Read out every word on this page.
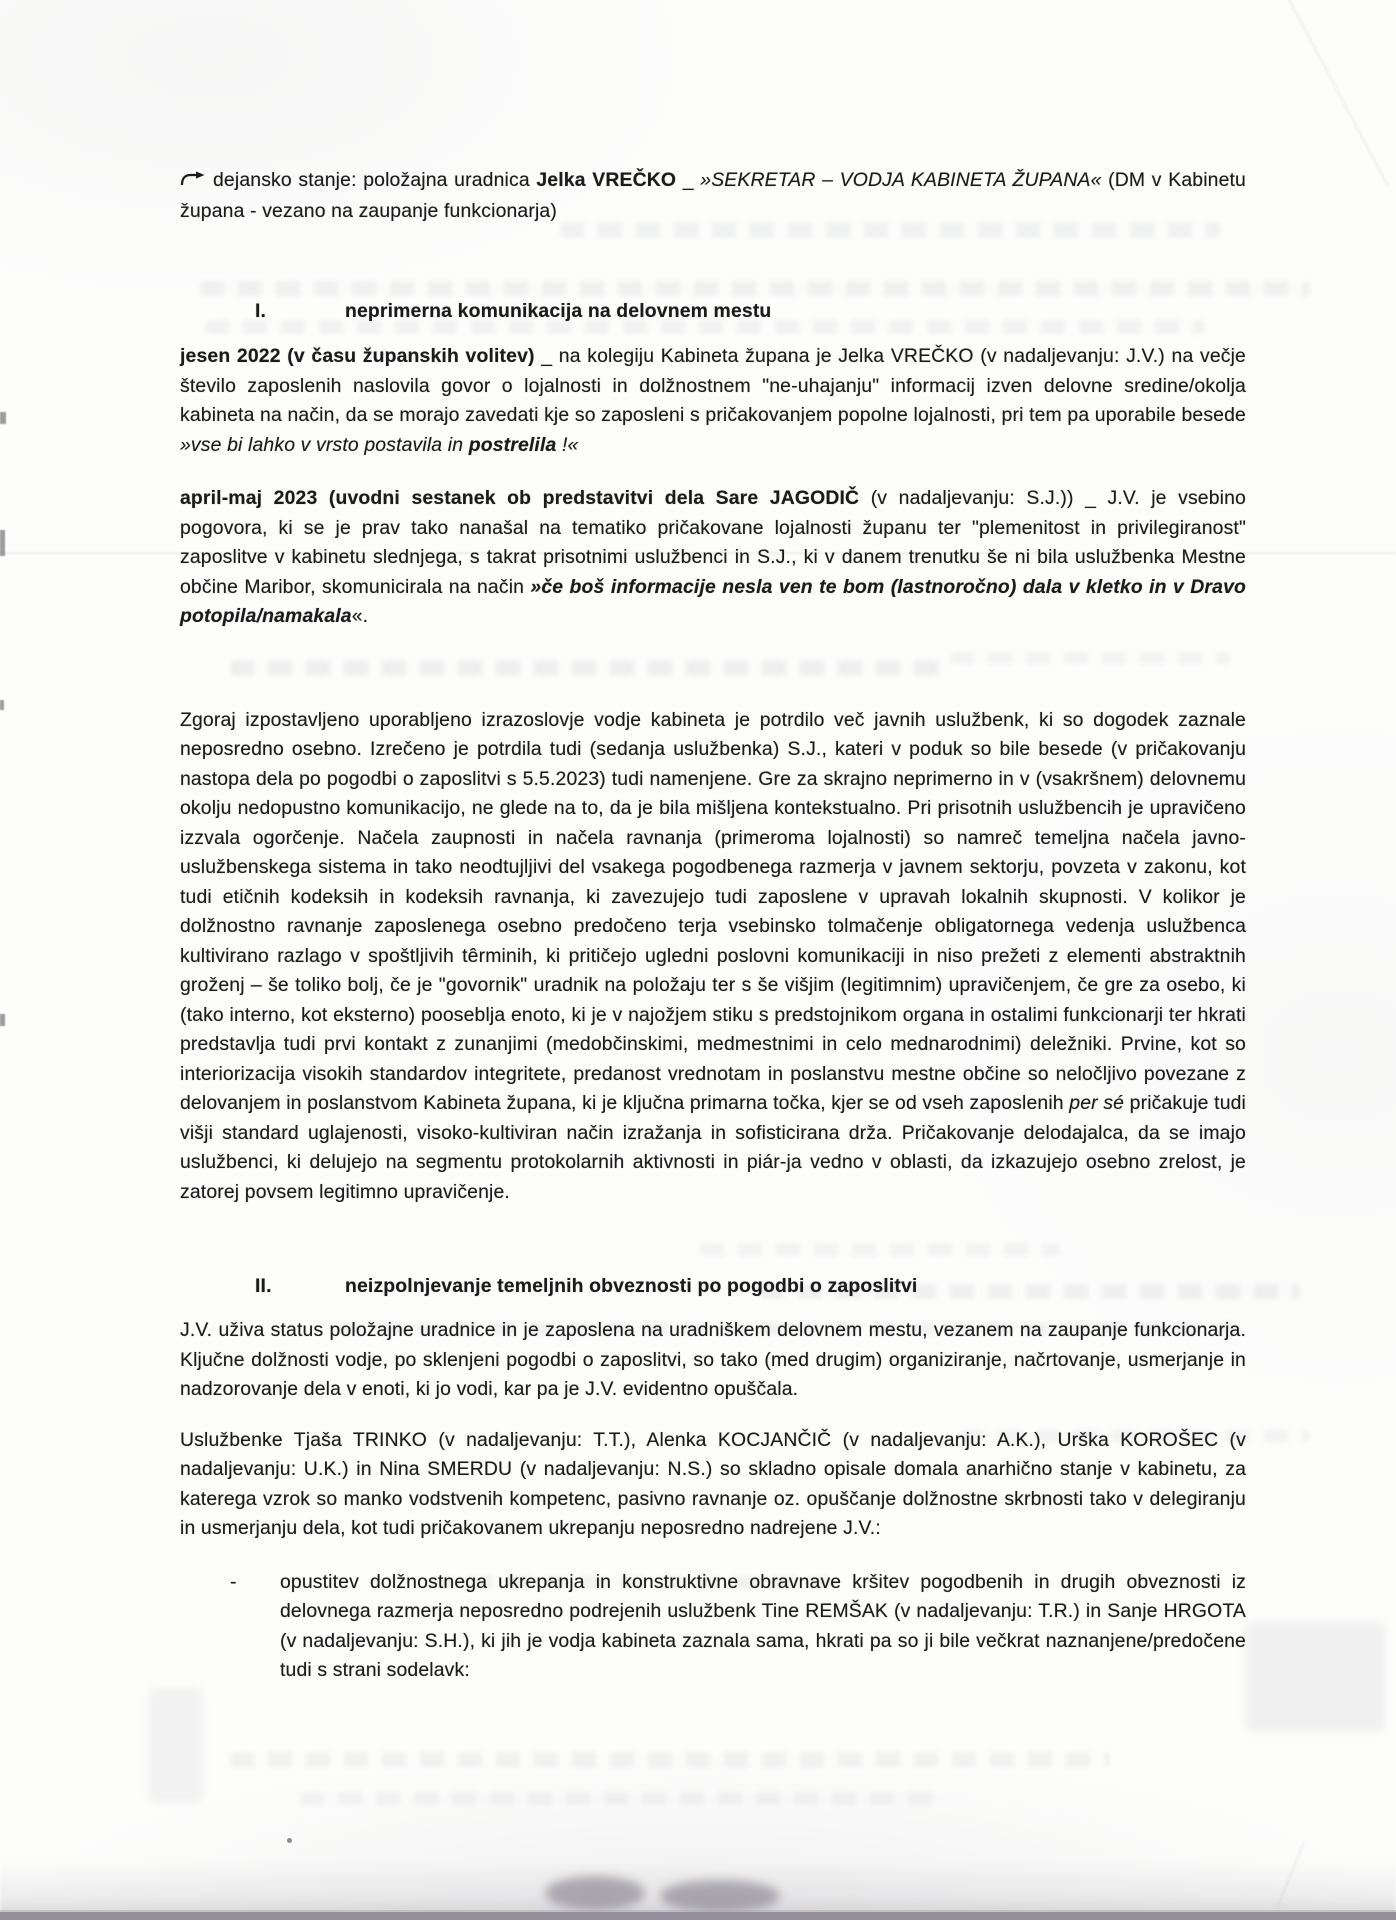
dejansko stanje: položajna uradnica Jelka VREČKO _ »SEKRETAR – VODJA KABINETA ŽUPANA« (DM v Kabinetu župana - vezano na zaupanje funkcionarja)

I.	neprimerna komunikacija na delovnem mestu

jesen 2022 (v času županskih volitev) _ na kolegiju Kabineta župana je Jelka VREČKO (v nadaljevanju: J.V.) na večje število zaposlenih naslovila govor o lojalnosti in dolžnostnem "ne-uhajanju" informacij izven delovne sredine/okolja kabineta na način, da se morajo zavedati kje so zaposleni s pričakovanjem popolne lojalnosti, pri tem pa uporabile besede »vse bi lahko v vrsto postavila in postrelila !«

april-maj 2023 (uvodni sestanek ob predstavitvi dela Sare JAGODIČ (v nadaljevanju: S.J.)) _ J.V. je vsebino pogovora, ki se je prav tako nanašal na tematiko pričakovane lojalnosti županu ter "plemenitost in privilegiranost" zaposlitve v kabinetu slednjega, s takrat prisotnimi uslužbenci in S.J., ki v danem trenutku še ni bila uslužbenka Mestne občine Maribor, skomunicirala na način »če boš informacije nesla ven te bom (lastnoročno) dala v kletko in v Dravo potopila/namakala«.

Zgoraj izpostavljeno uporabljeno izrazoslovje vodje kabineta je potrdilo več javnih uslužbenk, ki so dogodek zaznale neposredno osebno. Izrečeno je potrdila tudi (sedanja uslužbenka) S.J., kateri v poduk so bile besede (v pričakovanju nastopa dela po pogodbi o zaposlitvi s 5.5.2023) tudi namenjene. Gre za skrajno neprimerno in v (vsakršnem) delovnemu okolju nedopustno komunikacijo, ne glede na to, da je bila mišljena kontekstualno. Pri prisotnih uslužbencih je upravičeno izzvala ogorčenje. Načela zaupnosti in načela ravnanja (primeroma lojalnosti) so namreč temeljna načela javno-uslužbenskega sistema in tako neodtujljivi del vsakega pogodbenega razmerja v javnem sektorju, povzeta v zakonu, kot tudi etičnih kodeksih in kodeksih ravnanja, ki zavezujejo tudi zaposlene v upravah lokalnih skupnosti. V kolikor je dolžnostno ravnanje zaposlenega osebno predočeno terja vsebinsko tolmačenje obligatornega vedenja uslužbenca kultivirano razlago v spoštljivih têrminih, ki pritičejo ugledni poslovni komunikaciji in niso prežeti z elementi abstraktnih groženj – še toliko bolj, če je "govornik" uradnik na položaju ter s še višjim (legitimnim) upravičenjem, če gre za osebo, ki (tako interno, kot eksterno) pooseblja enoto, ki je v najožjem stiku s predstojnikom organa in ostalimi funkcionarji ter hkrati predstavlja tudi prvi kontakt z zunanjimi (medobčinskimi, medmestnimi in celo mednarodnimi) deležniki. Prvine, kot so interiorizacija visokih standardov integritete, predanost vrednotam in poslanstvu mestne občine so neločljivo povezane z delovanjem in poslanstvom Kabineta župana, ki je ključna primarna točka, kjer se od vseh zaposlenih per sé pričakuje tudi višji standard uglajenosti, visoko-kultiviran način izražanja in sofisticirana drža. Pričakovanje delodajalca, da se imajo uslužbenci, ki delujejo na segmentu protokolarnih aktivnosti in piár-ja vedno v oblasti, da izkazujejo osebno zrelost, je zatorej povsem legitimno upravičenje.

II.	neizpolnjevanje temeljnih obveznosti po pogodbi o zaposlitvi

J.V. uživa status položajne uradnice in je zaposlena na uradniškem delovnem mestu, vezanem na zaupanje funkcionarja. Ključne dolžnosti vodje, po sklenjeni pogodbi o zaposlitvi, so tako (med drugim) organiziranje, načrtovanje, usmerjanje in nadzorovanje dela v enoti, ki jo vodi, kar pa je J.V. evidentno opuščala.

Uslužbenke Tjaša TRINKO (v nadaljevanju: T.T.), Alenka KOCJANČIČ (v nadaljevanju: A.K.), Urška KOROŠEC (v nadaljevanju: U.K.) in Nina SMERDU (v nadaljevanju: N.S.) so skladno opisale domala anarhično stanje v kabinetu, za katerega vzrok so manko vodstvenih kompetenc, pasivno ravnanje oz. opuščanje dolžnostne skrbnosti tako v delegiranju in usmerjanju dela, kot tudi pričakovanem ukrepanju neposredno nadrejene J.V.:

-	opustitev dolžnostnega ukrepanja in konstruktivne obravnave kršitev pogodbenih in drugih obveznosti iz delovnega razmerja neposredno podrejenih uslužbenk Tine REMŠAK (v nadaljevanju: T.R.) in Sanje HRGOTA (v nadaljevanju: S.H.), ki jih je vodja kabineta zaznala sama, hkrati pa so ji bile večkrat naznanjene/predočene tudi s strani sodelavk:
